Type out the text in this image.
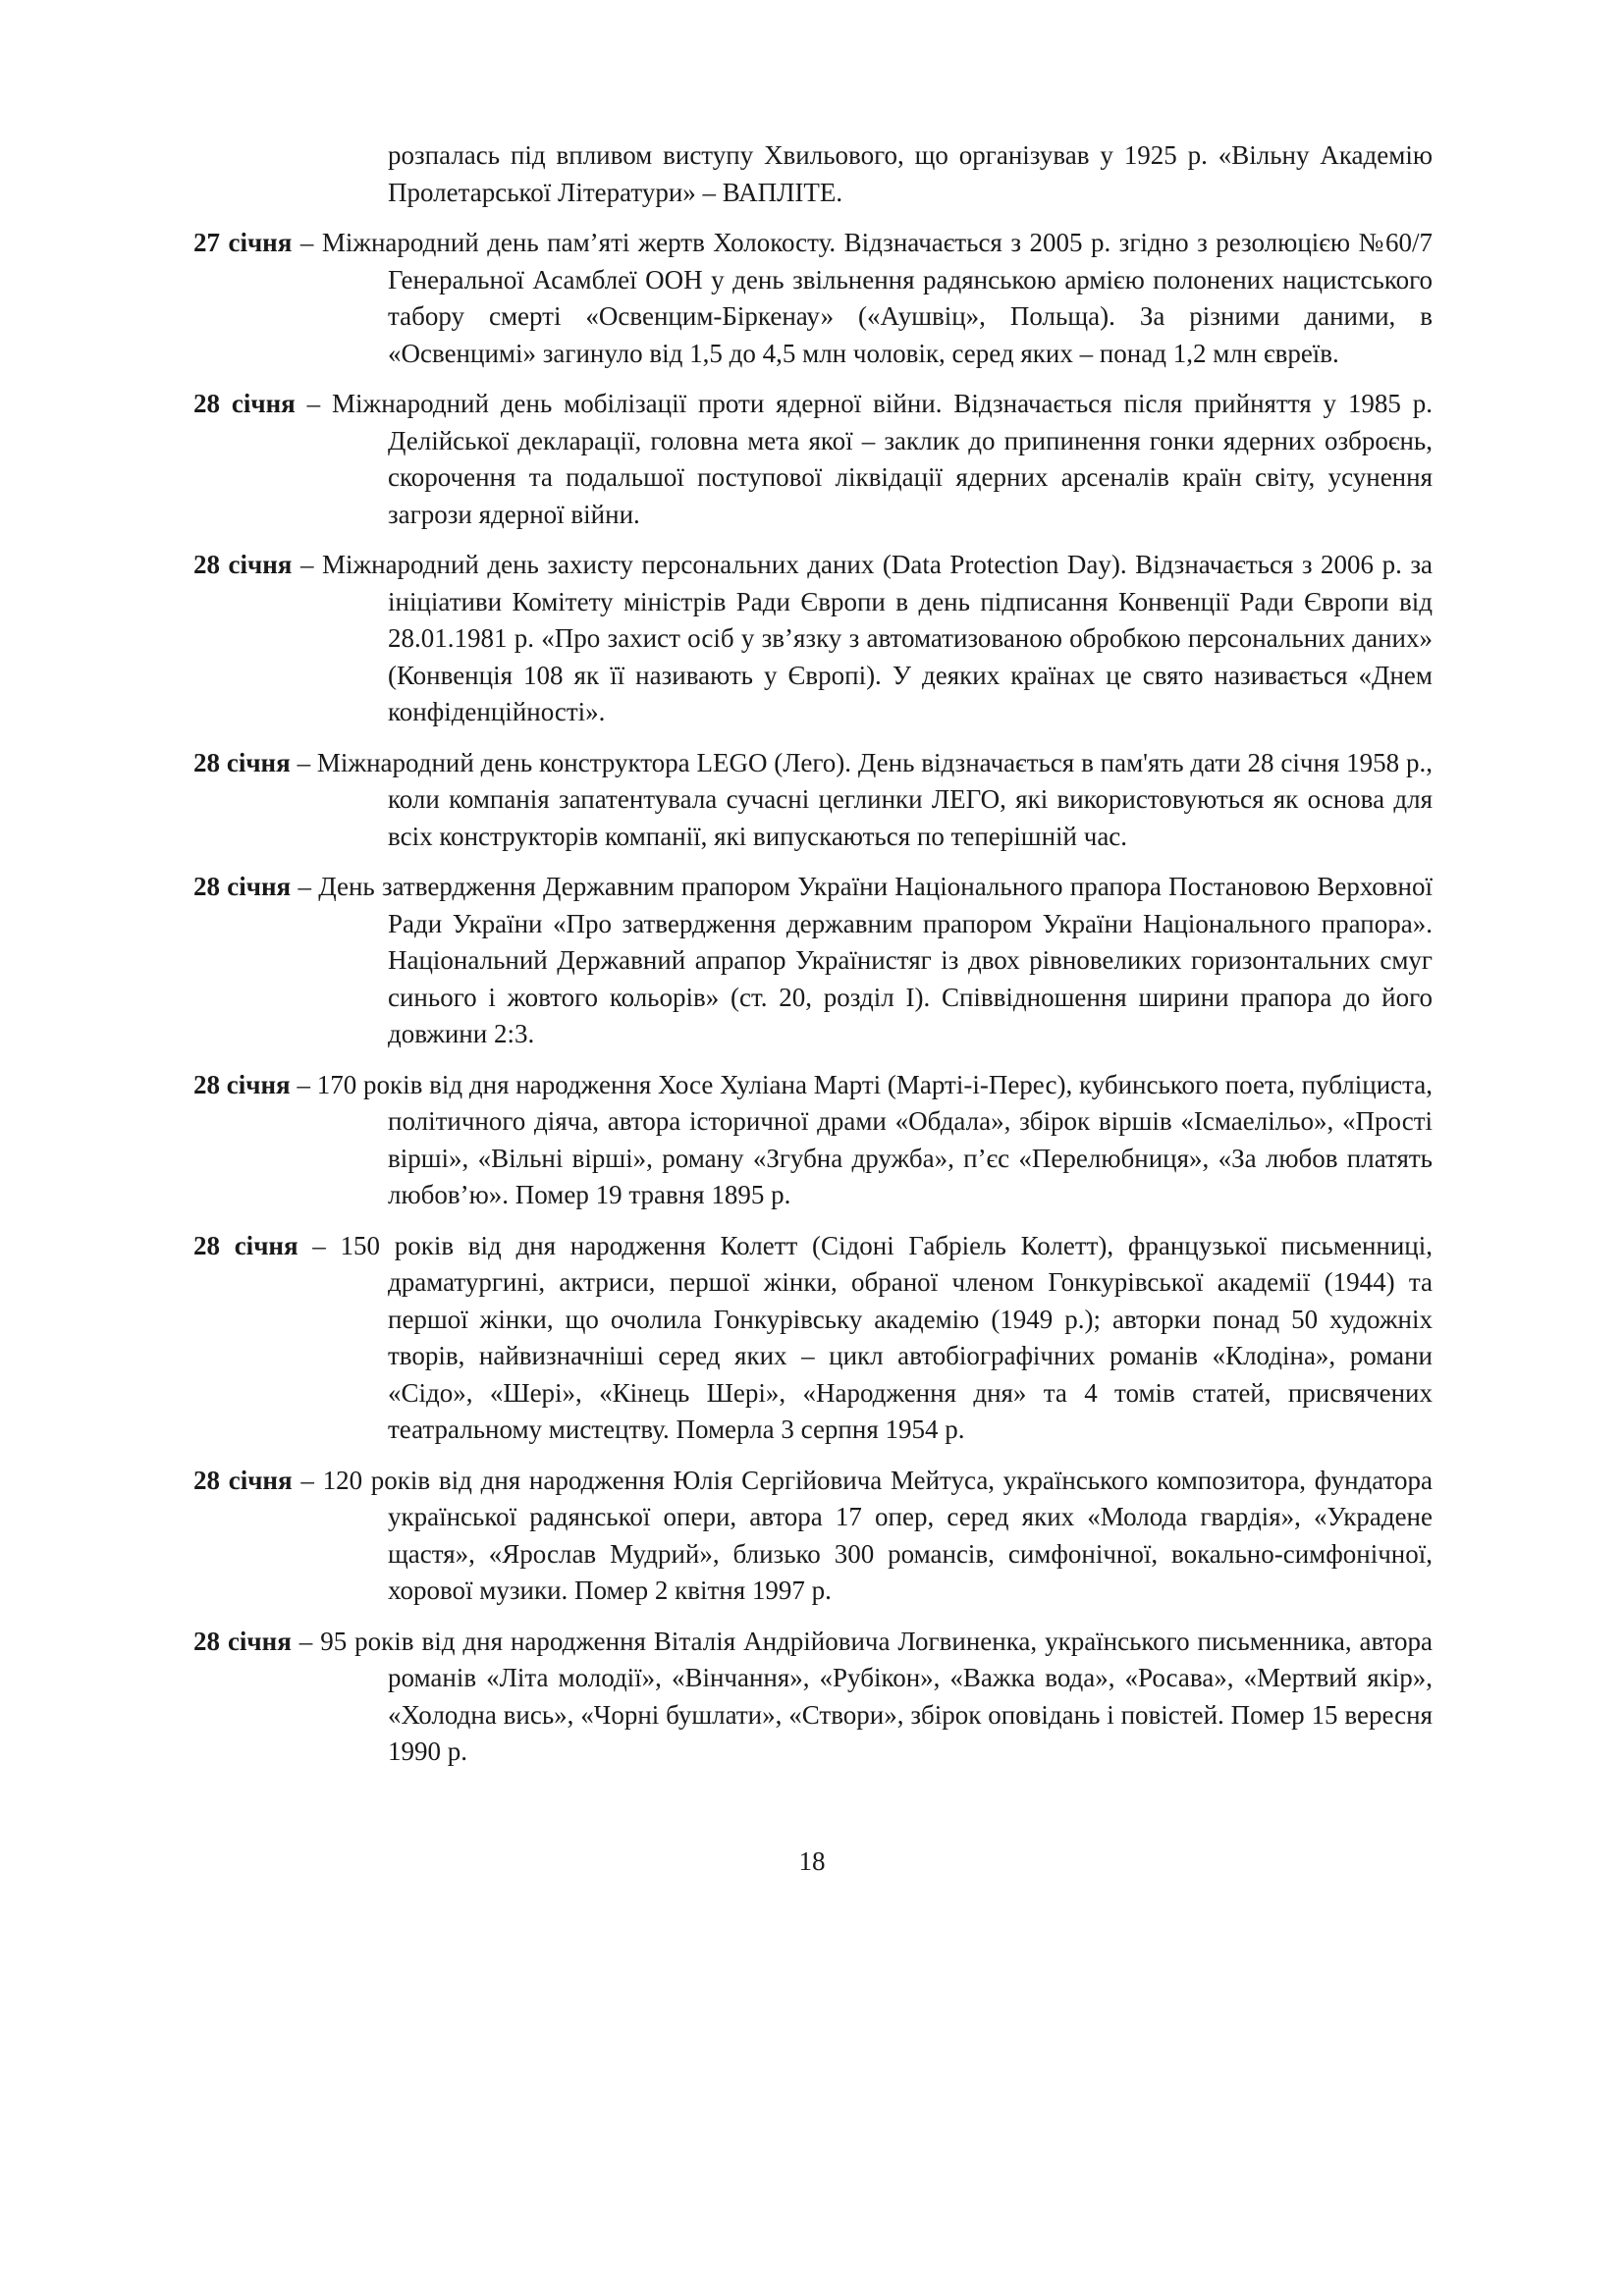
розпалась під впливом виступу Хвильового, що організував у 1925 р. «Вільну Академію Пролетарської Літератури» – ВАПЛІТЕ.
27 січня – Міжнародний день пам’яті жертв Холокосту. Відзначається з 2005 р. згідно з резолюцією №60/7 Генеральної Асамблеї ООН у день звільнення радянською армією полонених нацистського табору смерті «Освенцим-Біркенау» («Аушвіц», Польща). За різними даними, в «Освенцимі» загинуло від 1,5 до 4,5 млн чоловік, серед яких – понад 1,2 млн євреїв.
28 січня – Міжнародний день мобілізації проти ядерної війни. Відзначається після прийняття у 1985 р. Делійської декларації, головна мета якої – заклик до припинення гонки ядерних озброєнь, скорочення та подальшої поступової ліквідації ядерних арсеналів країн світу, усунення загрози ядерної війни.
28 січня – Міжнародний день захисту персональних даних (Data Protection Day). Відзначається з 2006 р. за ініціативи Комітету міністрів Ради Європи в день підписання Конвенції Ради Європи від 28.01.1981 р. «Про захист осіб у зв’язку з автоматизованою обробкою персональних даних» (Конвенція 108 як її називають у Європі). У деяких країнах це свято називається «Днем конфіденційності».
28 січня – Міжнародний день конструктора LEGO (Лего). День відзначається в пам'ять дати 28 січня 1958 р., коли компанія запатентувала сучасні цеглинки ЛЕГО, які використовуються як основа для всіх конструкторів компанії, які випускаються по теперішній час.
28 січня – День затвердження Державним прапором України Національного прапора Постановою Верховної Ради України «Про затвердження державним прапором України Національного прапора». Національний Державний апрапор Українистяг із двох рівновеликих горизонтальних смуг синього і жовтого кольорів» (ст. 20, розділ І). Співвідношення ширини прапора до його довжини 2:3.
28 січня – 170 років від дня народження Хосе Хуліана Марті (Марті-і-Перес), кубинського поета, публіциста, політичного діяча, автора історичної драми «Обдала», збірок віршів «Ісмаелільо», «Прості вірші», «Вільні вірші», роману «Згубна дружба», п’єс «Перелюбниця», «За любов платять любов’ю». Помер 19 травня 1895 р.
28 січня – 150 років від дня народження Колетт (Сідоні Габріель Колетт), французької письменниці, драматургині, актриси, першої жінки, обраної членом Гонкурівської академії (1944) та першої жінки, що очолила Гонкурівську академію (1949 р.); авторки понад 50 художніх творів, найвизначніші серед яких – цикл автобіографічних романів «Клодіна», романи «Сідо», «Шері», «Кінець Шері», «Народження дня» та 4 томів статей, присвячених театральному мистецтву. Померла 3 серпня 1954 р.
28 січня – 120 років від дня народження Юлія Сергійовича Мейтуса, українського композитора, фундатора української радянської опери, автора 17 опер, серед яких «Молода гвардія», «Украдене щастя», «Ярослав Мудрий», близько 300 романсів, симфонічної, вокально-симфонічної, хорової музики. Помер 2 квітня 1997 р.
28 січня – 95 років від дня народження Віталія Андрійовича Логвиненка, українського письменника, автора романів «Літа молодії», «Вінчання», «Рубікон», «Важка вода», «Росава», «Мертвий якір», «Холодна вись», «Чорні бушлати», «Створи», збірок оповідань і повістей. Помер 15 вересня 1990 р.
18
